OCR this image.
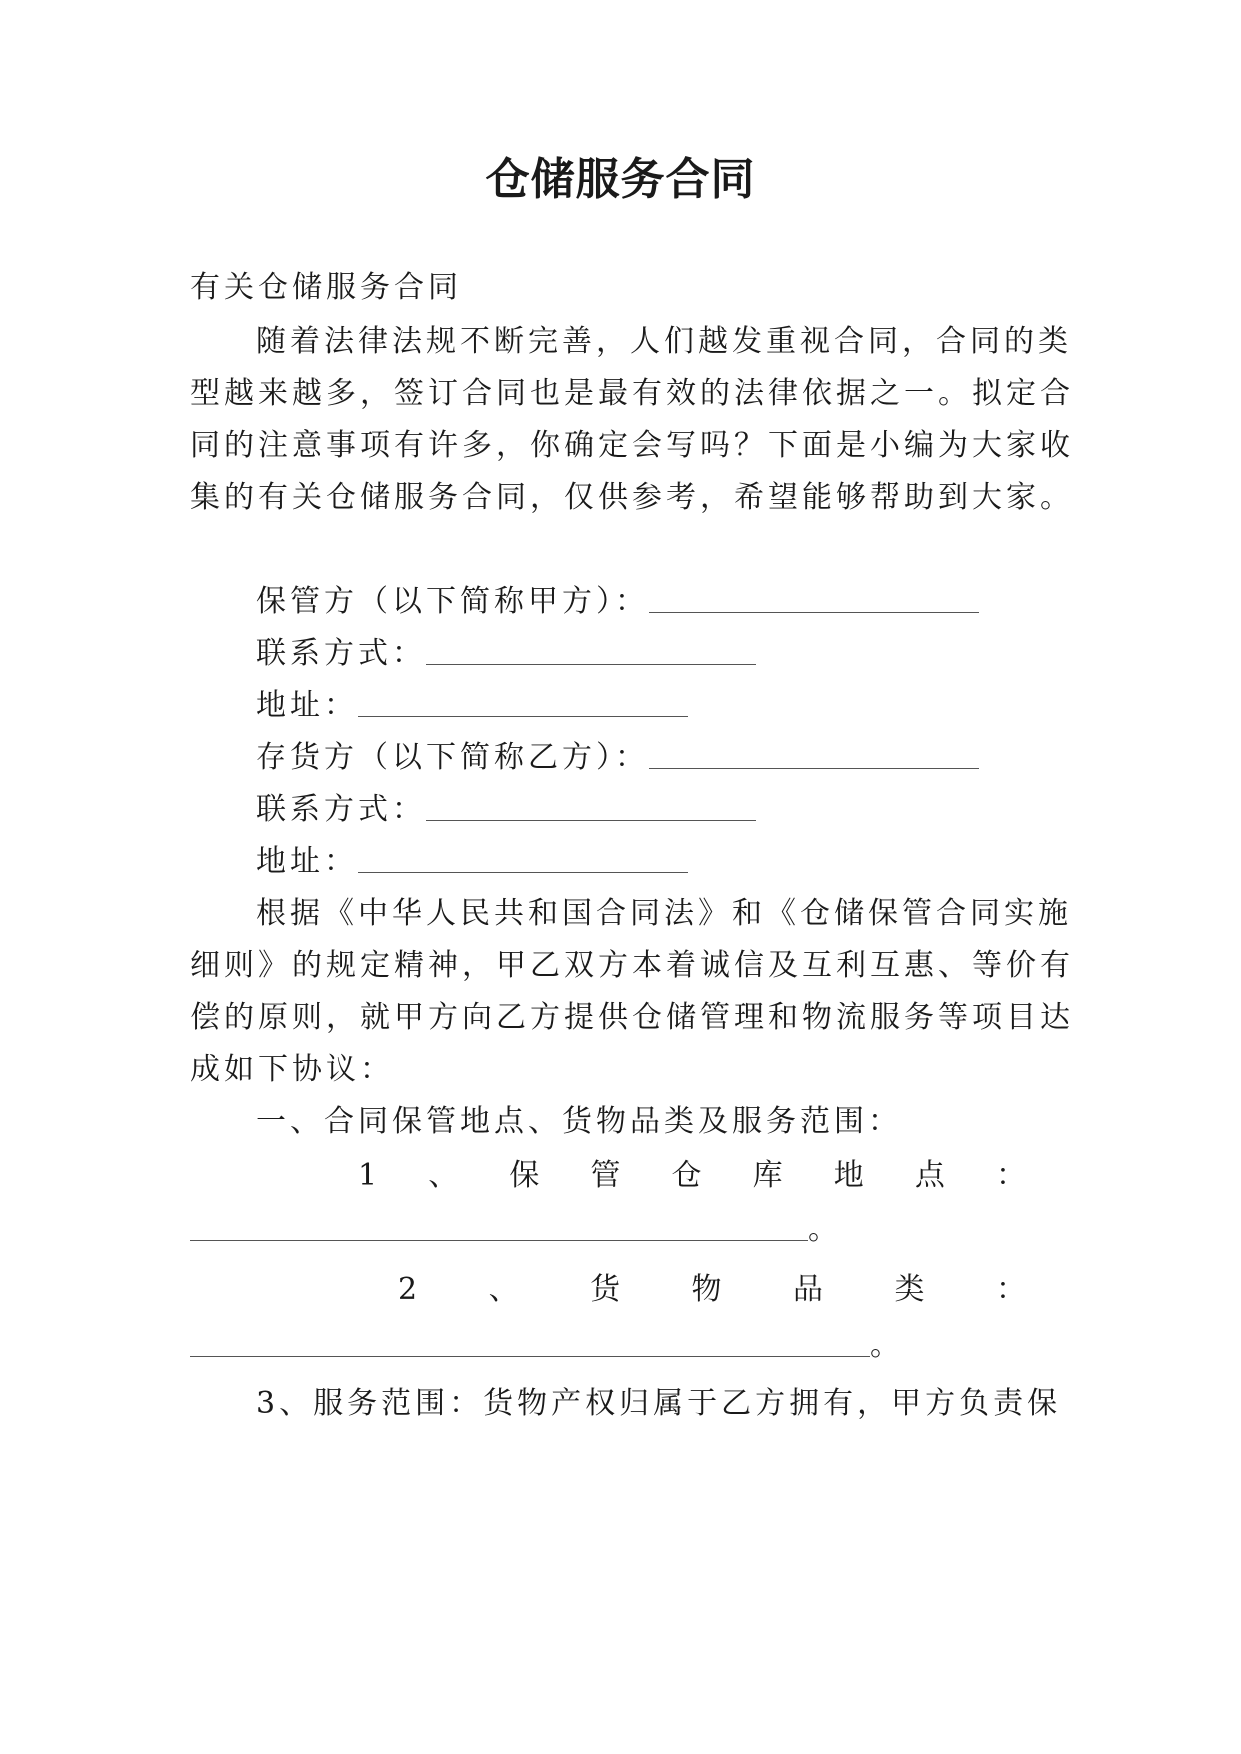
仓储服务合同
有关仓储服务合同
随着法律法规不断完善，人们越发重视合同，合同的类
型越来越多，签订合同也是最有效的法律依据之一。拟定合
同的注意事项有许多，你确定会写吗？下面是小编为大家收
集的有关仓储服务合同，仅供参考，希望能够帮助到大家。
保管方（以下简称甲方）：
联系方式：
地址：
存货方（以下简称乙方）：
联系方式：
地址：
根据《中华人民共和国合同法》和《仓储保管合同实施
细则》的规定精神，甲乙双方本着诚信及互利互惠、等价有
偿的原则，就甲方向乙方提供仓储管理和物流服务等项目达
成如下协议：
一、合同保管地点、货物品类及服务范围：
1 、 保 管 仓 库 地 点 ：
。
2 、 货 物 品 类 ：
。
3、服务范围：货物产权归属于乙方拥有，甲方负责保
